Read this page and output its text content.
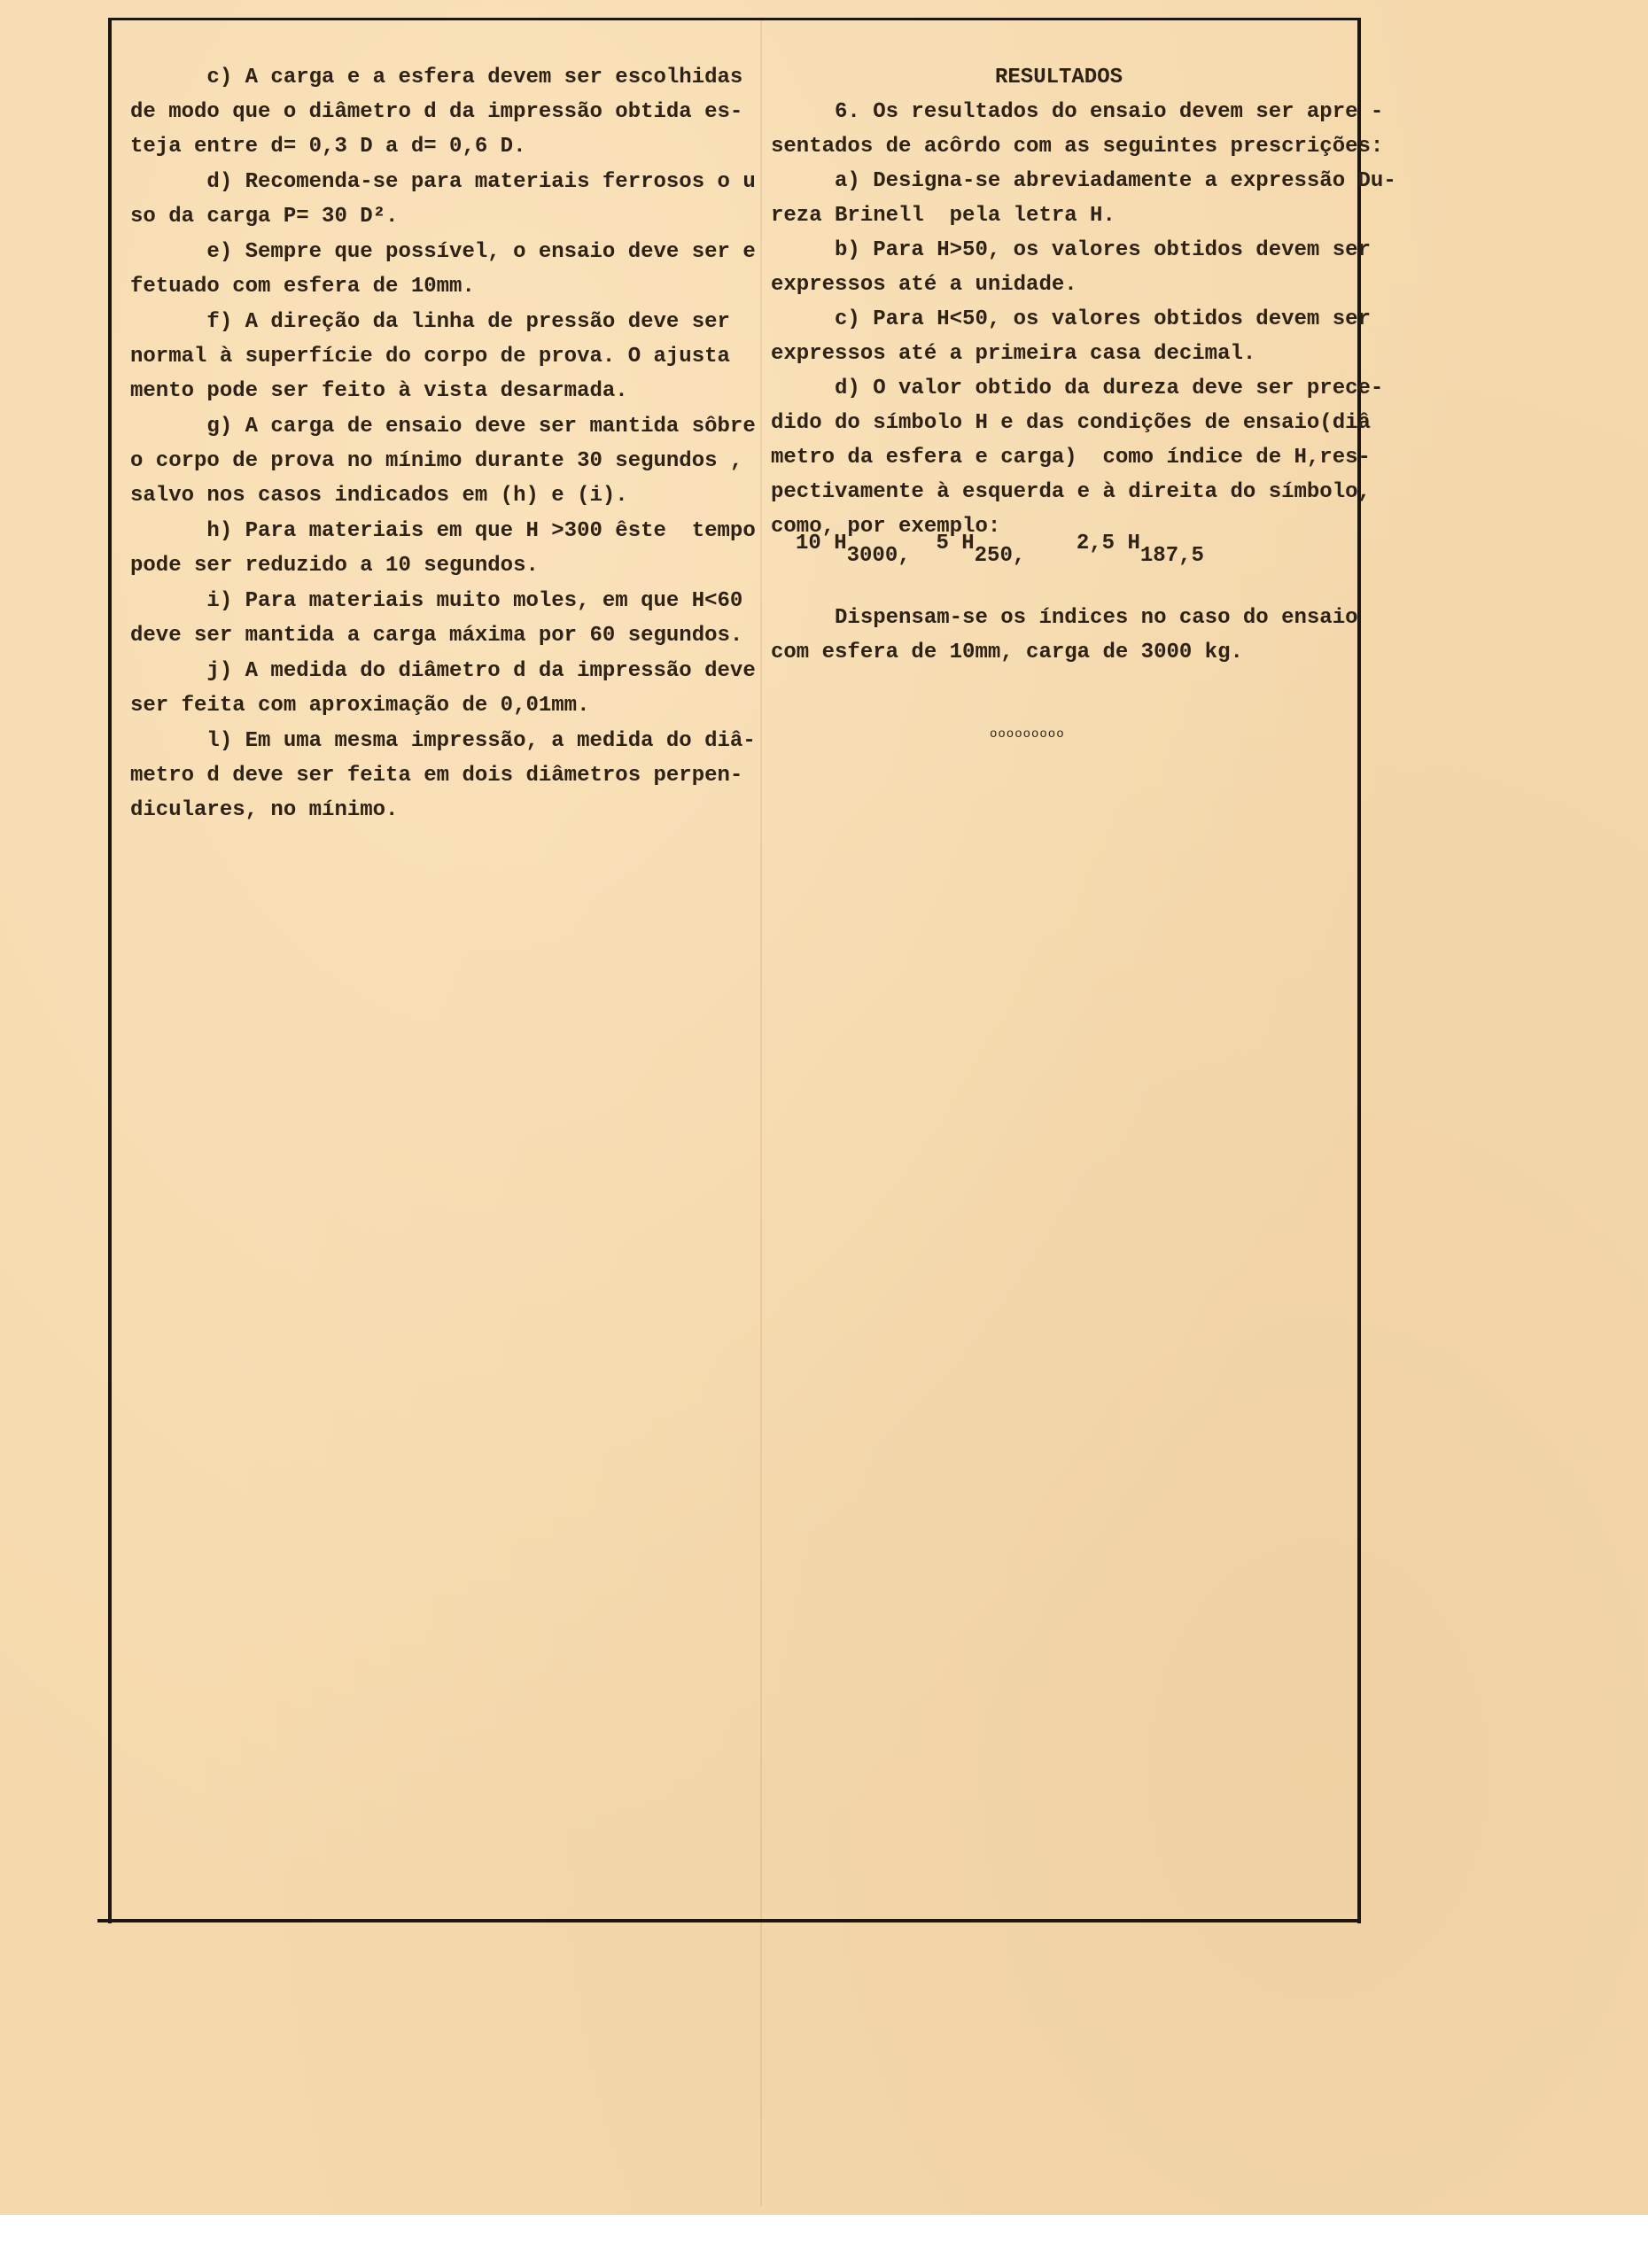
c) A carga e a esfera devem ser escolhidas
de modo que o diâmetro d da impressão obtida es-
teja entre d= 0,3 D a d= 0,6 D.
d) Recomenda-se para materiais ferrosos o u
so da carga P= 30 D².
e) Sempre que possível, o ensaio deve ser e
fetuado com esfera de 10mm.
f) A direção da linha de pressão deve ser
normal à superfície do corpo de prova. O ajusta
mento pode ser feito à vista desarmada.
g) A carga de ensaio deve ser mantida sôbre
o corpo de prova no mínimo durante 30 segundos ,
salvo nos casos indicados em (h) e (i).
h) Para materiais em que H >300 êste  tempo
pode ser reduzido a 10 segundos.
i) Para materiais muito moles, em que H<60
deve ser mantida a carga máxima por 60 segundos.
j) A medida do diâmetro d da impressão deve
ser feita com aproximação de 0,01mm.
l) Em uma mesma impressão, a medida do diâ-
metro d deve ser feita em dois diâmetros perpen-
diculares, no mínimo.
RESULTADOS
6. Os resultados do ensaio devem ser apre -
sentados de acôrdo com as seguintes prescrições:
a) Designa-se abreviadamente a expressão Du-
reza Brinell  pela letra H.
b) Para H>50, os valores obtidos devem ser
expressos até a unidade.
c) Para H<50, os valores obtidos devem ser
expressos até a primeira casa decimal.
d) O valor obtido da dureza deve ser prece-
dido do símbolo H e das condições de ensaio(diâ
metro da esfera e carga)  como índice de H,res-
pectivamente à esquerda e à direita do símbolo,
como, por exemplo:
10 $H_{3000,}$  5 $H_{250,}$    2,5 $H_{187,5}$
Dispensam-se os índices no caso do ensaio
com esfera de 10mm, carga de 3000 kg.
ooooooooo
